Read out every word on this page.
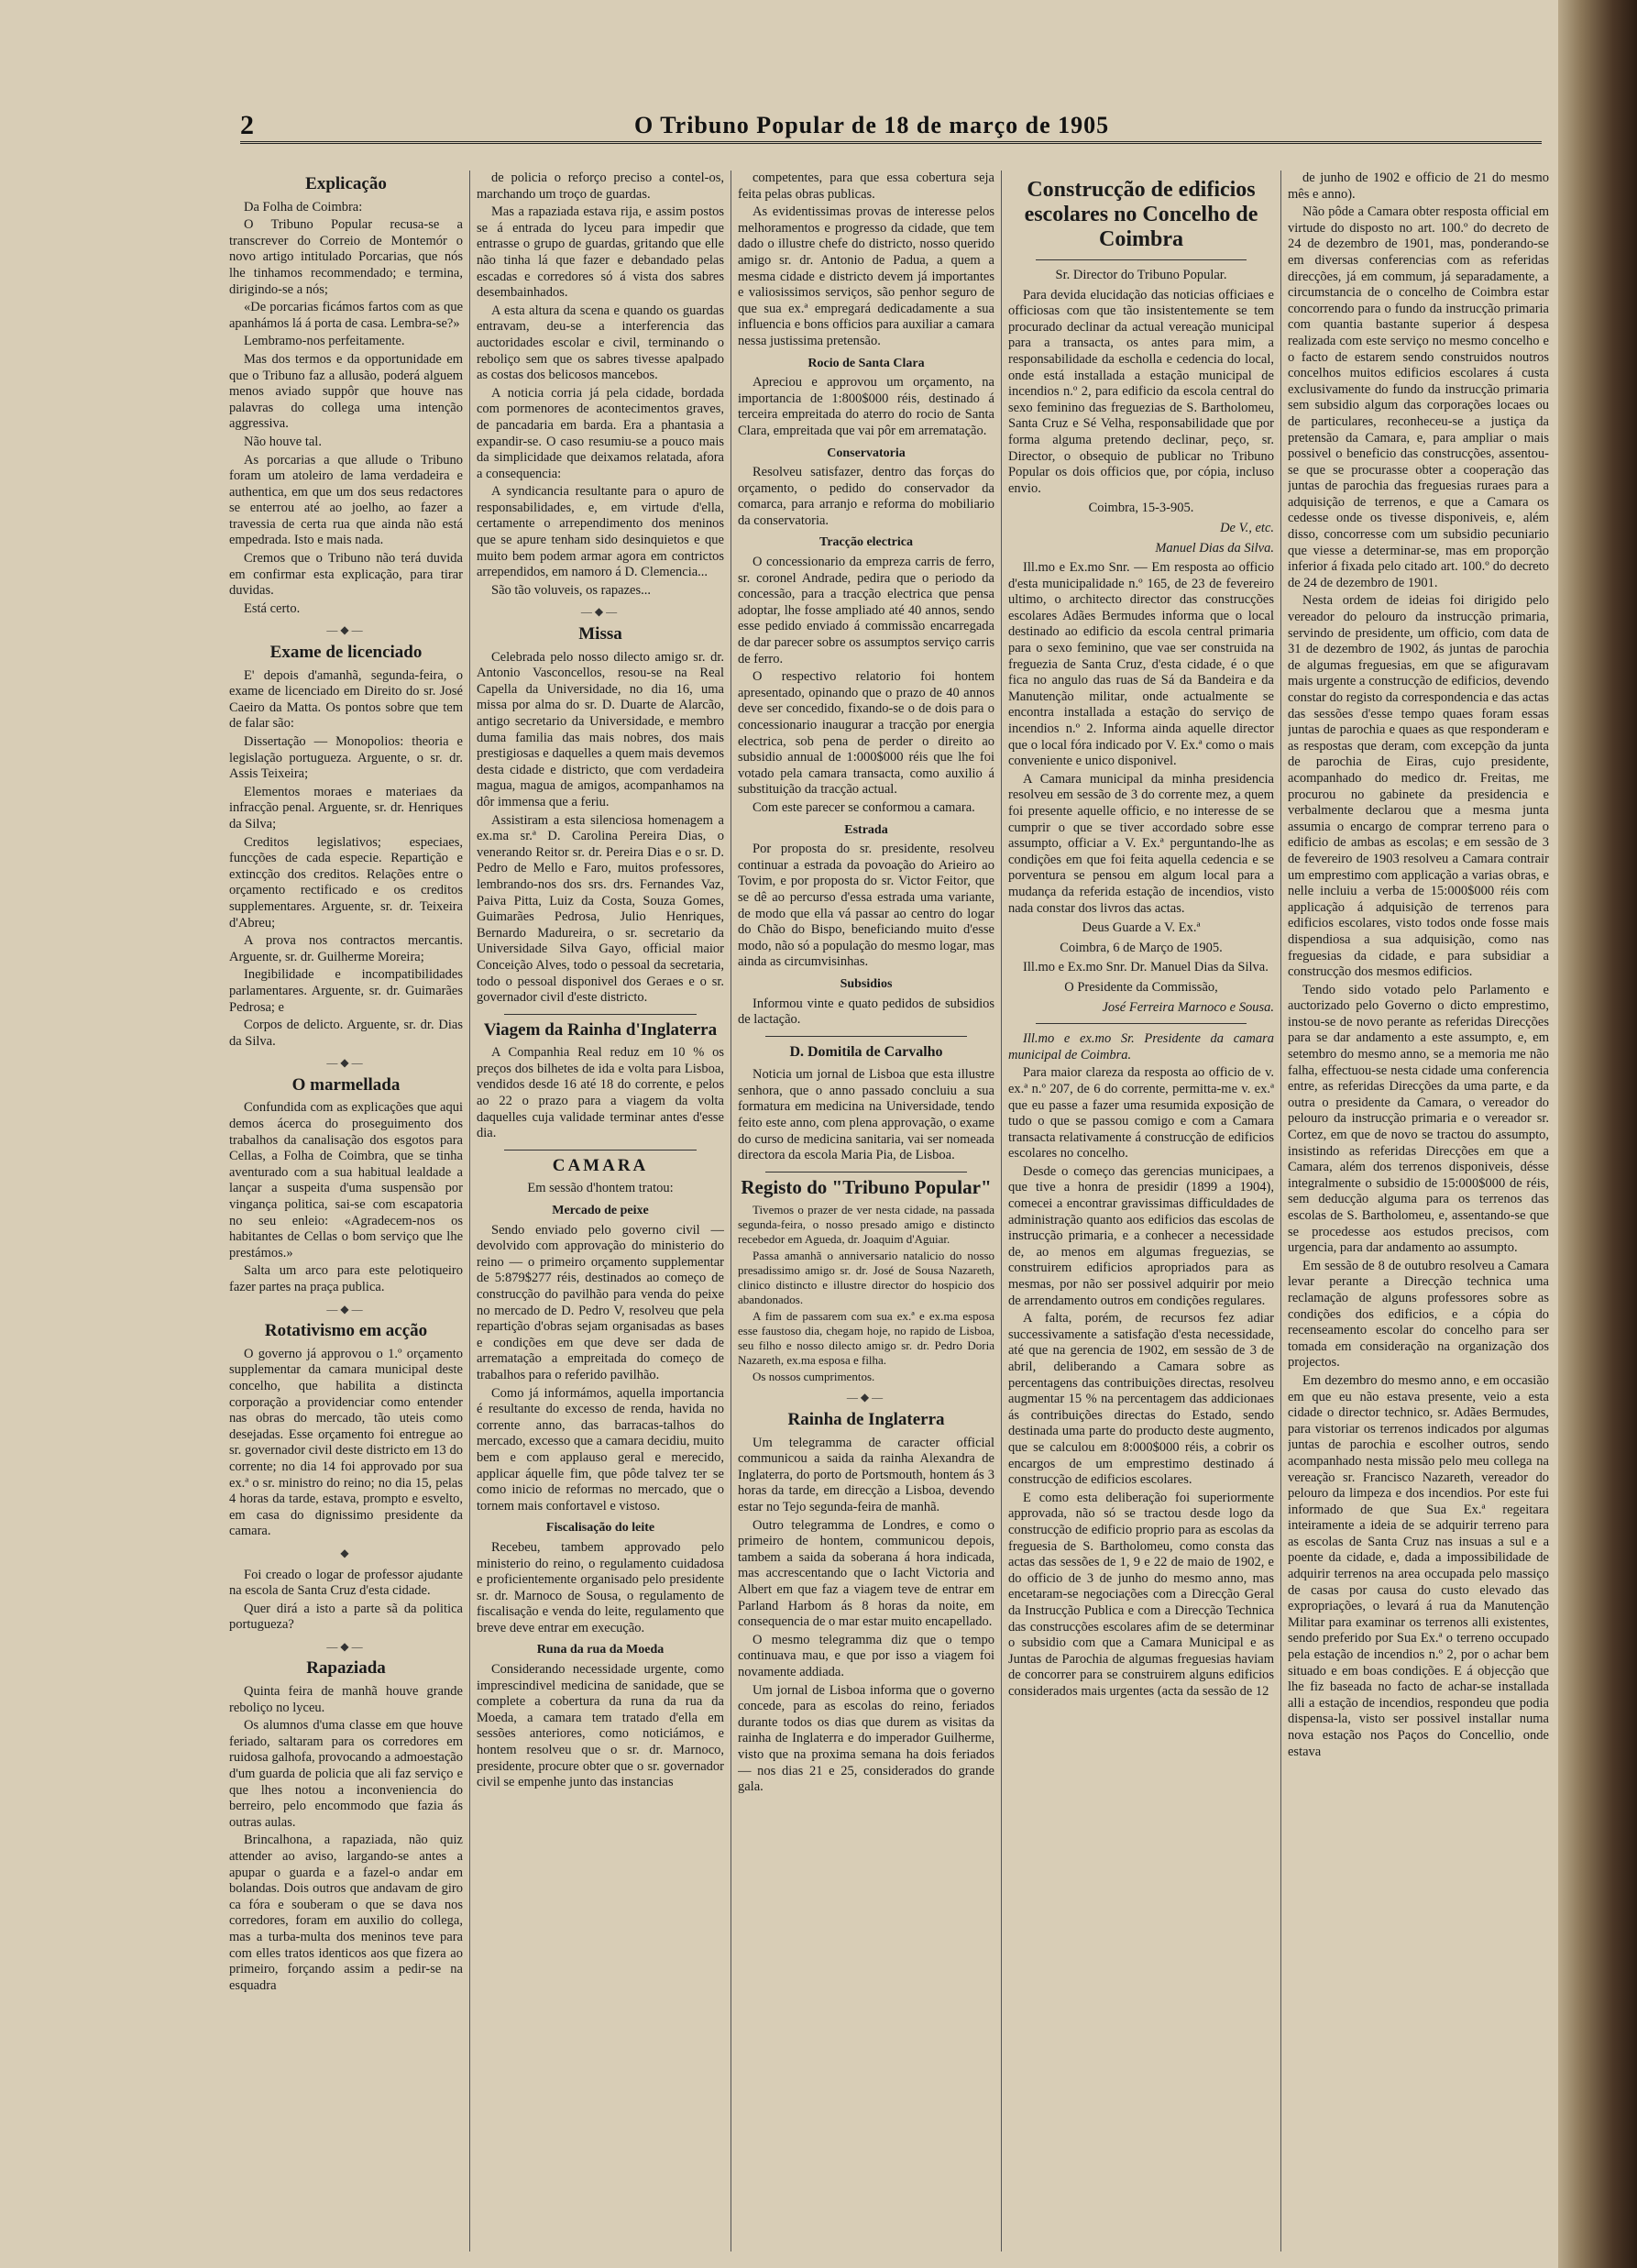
2	O Tribuno Popular de 18 de março de 1905
Explicação

Da Folha de Coimbra:

O Tribuno Popular recusa-se a transcrever do Correio de Montemór o novo artigo intitulado Porcarias, que nós lhe tinhamos recommendado; e termina, dirigindo-se a nós;

«De porcarias ficámos fartos com as que apanhámos lá á porta de casa. Lembra-se?»

Lembramo-nos perfeitamente.

Mas dos termos e da opportunidade em que o Tribuno faz a allusão, poderá alguem menos aviado suppôr que houve nas palavras do collega uma intenção aggressiva.

Não houve tal.

As porcarias a que allude o Tribuno foram um atoleiro de lama verdadeira e authentica, em que um dos seus redactores se enterrou até ao joelho, ao fazer a travessia de certa rua que ainda não está empedrada. Isto e mais nada.

Cremos que o Tribuno não terá duvida em confirmar esta explicação, para tirar duvidas.

Está certo.

—◆—
Exame de licenciado

E' depois d'amanhã, segunda-feira, o exame de licenciado em Direito do sr. José Caeiro da Matta. Os pontos sobre que tem de falar são:

Dissertação — Monopolios: theoria e legislação portugueza. Arguente, o sr. dr. Assis Teixeira;

Elementos moraes e materiaes da infracção penal. Arguente, sr. dr. Henriques da Silva;

Creditos legislativos; especiaes, funcções de cada especie. Repartição e extincção dos creditos. Relações entre o orçamento rectificado e os creditos supplementares. Arguente, sr. dr. Teixeira d'Abreu;

A prova nos contractos mercantis. Arguente, sr. dr. Guilherme Moreira;

Inegibilidade e incompatibilidades parlamentares. Arguente, sr. dr. Guimarães Pedrosa; e

Corpos de delicto. Arguente, sr. dr. Dias da Silva.

—◆—
O marmellada

Confundida com as explicações que aqui demos ácerca do proseguimento dos trabalhos da canalisação dos esgotos para Cellas, a Folha de Coimbra, que se tinha aventurado com a sua habitual lealdade a lançar a suspeita d'uma suspensão por vingança politica, sai-se com escapatoria no seu enleio: «Agradecem-nos os habitantes de Cellas o bom serviço que lhe prestámos.»

Salta um arco para este pelotiqueiro fazer partes na praça publica.

—◆—
Rotativismo em acção

O governo já approvou o 1.º orçamento supplementar da camara municipal deste concelho, que habilita a distincta corporação a providenciar como entender nas obras do mercado, tão uteis como desejadas. Esse orçamento foi entregue ao sr. governador civil deste districto em 13 do corrente; no dia 14 foi approvado por sua ex.ª o sr. ministro do reino; no dia 15, pelas 4 horas da tarde, estava, prompto e esvelto, em casa do dignissimo presidente da camara.

◆

Foi creado o logar de professor ajudante na escola de Santa Cruz d'esta cidade.

Quer dirá a isto a parte sã da politica portugueza?

—◆—
Rapaziada

Quinta feira de manhã houve grande reboliço no lyceu.

Os alumnos d'uma classe em que houve feriado, saltaram para os corredores em ruidosa galhofa, provocando a admoestação d'um guarda de policia que ali faz serviço e que lhes notou a inconveniencia do berreiro, pelo encommodo que fazia ás outras aulas.

Brincalhona, a rapaziada, não quiz attender ao aviso, largando-se antes a apupar o guarda e a fazel-o andar em bolandas. Dois outros que andavam de giro ca fóra e souberam o que se dava nos corredores, foram em auxilio do collega, mas a turba-multa dos meninos teve para com elles tratos identicos aos que fizera ao primeiro, forçando assim a pedir-se na esquadra

de policia o reforço preciso a contel-os, marchando um troço de guardas.

Mas a rapaziada estava rija, e assim postos se á entrada do lyceu para impedir que entrasse o grupo de guardas, gritando que elle não tinha lá que fazer e debandado pelas escadas e corredores só á vista dos sabres desembainhados.

A esta altura da scena e quando os guardas entravam, deu-se a interferencia das auctoridades escolar e civil, terminando o reboliço sem que os sabres tivesse apalpado as costas dos belicosos mancebos.

A noticia corria já pela cidade, bordada com pormenores de acontecimentos graves, de pancadaria em barda. Era a phantasia a expandir-se. O caso resumiu-se a pouco mais da simplicidade que deixamos relatada, afora a consequencia:

A syndicancia resultante para o apuro de responsabilidades, e, em virtude d'ella, certamente o arrependimento dos meninos que se apure tenham sido desinquietos e que muito bem podem armar agora em contrictos arrependidos, em namoro á D. Clemencia...

São tão voluveis, os rapazes...

—◆—
Missa

Celebrada pelo nosso dilecto amigo sr. dr. Antonio Vasconcellos, resou-se na Real Capella da Universidade, no dia 16, uma missa por alma do sr. D. Duarte de Alarcão, antigo secretario da Universidade, e membro duma familia das mais nobres, dos mais prestigiosas e daquelles a quem mais devemos desta cidade e districto, que com verdadeira magua, magua de amigos, acompanhamos na dôr immensa que a feriu.

Assistiram a esta silenciosa homenagem a ex.ma sr.ª D. Carolina Pereira Dias, o venerando Reitor sr. dr. Pereira Dias e o sr. D. Pedro de Mello e Faro, muitos professores, lembrando-nos dos srs. drs. Fernandes Vaz, Paiva Pitta, Luiz da Costa, Souza Gomes, Guimarães Pedrosa, Julio Henriques, Bernardo Madureira, o sr. secretario da Universidade Silva Gayo, official maior Conceição Alves, todo o pessoal da secretaria, todo o pessoal disponivel dos Geraes e o sr. governador civil d'este districto.

Viagem da Rainha d'Inglaterra

A Companhia Real reduz em 10 % os preços dos bilhetes de ida e volta para Lisboa, vendidos desde 16 até 18 do corrente, e pelos ao 22 o prazo para a viagem da volta daquelles cuja validade terminar antes d'esse dia.

CAMARA
Em sessão d'hontem tratou:
Mercado de peixe

Sendo enviado pelo governo civil — devolvido com approvação do ministerio do reino — o primeiro orçamento supplementar de 5:879$277 réis, destinados ao começo de construcção do pavilhão para venda do peixe no mercado de D. Pedro V, resolveu que pela repartição d'obras sejam organisadas as bases e condições em que deve ser dada de arrematação a empreitada do começo de trabalhos para o referido pavilhão.

Como já informámos, aquella importancia é resultante do excesso de renda, havida no corrente anno, das barracas-talhos do mercado, excesso que a camara decidiu, muito bem e com applauso geral e merecido, applicar áquelle fim, que pôde talvez ter se como inicio de reformas no mercado, que o tornem mais confortavel e vistoso.

Fiscalisação do leite

Recebeu, tambem approvado pelo ministerio do reino, o regulamento cuidadosa e proficientemente organisado pelo presidente sr. dr. Marnoco de Sousa, o regulamento de fiscalisação e venda do leite, regulamento que breve deve entrar em execução.

Runa da rua da Moeda

Considerando necessidade urgente, como imprescindivel medicina de sanidade, que se complete a cobertura da runa da rua da Moeda, a camara tem tratado d'ella em sessões anteriores, como noticiámos, e hontem resolveu que o sr. dr. Marnoco, presidente, procure obter que o sr. governador civil se empenhe junto das instancias

competentes, para que essa cobertura seja feita pelas obras publicas.

As evidentissimas provas de interesse pelos melhoramentos e progresso da cidade, que tem dado o illustre chefe do districto, nosso querido amigo sr. dr. Antonio de Padua, a quem a mesma cidade e districto devem já importantes e valiosissimos serviços, são penhor seguro de que sua ex.ª empregará dedicadamente a sua influencia e bons officios para auxiliar a camara nessa justissima pretensão.

Rocio de Santa Clara

Apreciou e approvou um orçamento, na importancia de 1:800$000 réis, destinado á terceira empreitada do aterro do rocio de Santa Clara, empreitada que vai pôr em arrematação.

Conservatoria

Resolveu satisfazer, dentro das forças do orçamento, o pedido do conservador da comarca, para arranjo e reforma do mobiliario da conservatoria.

Tracção electrica

O concessionario da empreza carris de ferro, sr. coronel Andrade, pedira que o periodo da concessão, para a tracção electrica que pensa adoptar, lhe fosse ampliado até 40 annos, sendo esse pedido enviado á commissão encarregada de dar parecer sobre os assumptos serviço carris de ferro.

O respectivo relatorio foi hontem apresentado, opinando que o prazo de 40 annos deve ser concedido, fixando-se o de dois para o concessionario inaugurar a tracção por energia electrica, sob pena de perder o direito ao subsidio annual de 1:000$000 réis que lhe foi votado pela camara transacta, como auxilio á substituição da tracção actual.

Com este parecer se conformou a camara.

Estrada

Por proposta do sr. presidente, resolveu continuar a estrada da povoação do Arieiro ao Tovim, e por proposta do sr. Victor Feitor, que se dê ao percurso d'essa estrada uma variante, de modo que ella vá passar ao centro do logar do Chão do Bispo, beneficiando muito d'esse modo, não só a população do mesmo logar, mas ainda as circumvisinhas.

Subsidios

Informou vinte e quato pedidos de subsidios de lactação.

D. Domitila de Carvalho

Noticia um jornal de Lisboa que esta illustre senhora, que o anno passado concluiu a sua formatura em medicina na Universidade, tendo feito este anno, com plena approvação, o exame do curso de medicina sanitaria, vai ser nomeada directora da escola Maria Pia, de Lisboa.

Registo do "Tribuno Popular"

Tivemos o prazer de ver nesta cidade, na passada segunda-feira, o nosso presado amigo e distincto recebedor em Agueda, dr. Joaquim d'Aguiar.

Passa amanhã o anniversario natalicio do nosso presadissimo amigo sr. dr. José de Sousa Nazareth, clinico distincto e illustre director do hospicio dos abandonados.

A fim de passarem com sua ex.ª e ex.ma esposa esse faustoso dia, chegam hoje, no rapido de Lisboa, seu filho e nosso dilecto amigo sr. dr. Pedro Doria Nazareth, ex.ma esposa e filha.

Os nossos cumprimentos.

—◆—
Rainha de Inglaterra

Um telegramma de caracter official communicou a saida da rainha Alexandra de Inglaterra, do porto de Portsmouth, hontem ás 3 horas da tarde, em direcção a Lisboa, devendo estar no Tejo segunda-feira de manhã.

Outro telegramma de Londres, e como o primeiro de hontem, communicou depois, tambem a saida da soberana á hora indicada, mas accrescentando que o Iacht Victoria and Albert em que faz a viagem teve de entrar em Parland Harbom ás 8 horas da noite, em consequencia de o mar estar muito encapellado.

O mesmo telegramma diz que o tempo continuava mau, e que por isso a viagem foi novamente addiada.

Um jornal de Lisboa informa que o governo concede, para as escolas do reino, feriados durante todos os dias que durem as visitas da rainha de Inglaterra e do imperador Guilherme, visto que na proxima semana ha dois feriados — nos dias 21 e 25, considerados do grande gala.

Construcção de edificios escolares no Concelho de Coimbra
Sr. Director do Tribuno Popular.

Para devida elucidação das noticias officiaes e officiosas com que tão insistentemente se tem procurado declinar da actual vereação municipal para a transacta, os antes para mim, a responsabilidade da escholla e cedencia do local, onde está installada a estação municipal de incendios n.º 2, para edificio da escola central do sexo feminino das freguezias de S. Bartholomeu, Santa Cruz e Sé Velha, responsabilidade que por forma alguma pretendo declinar, peço, sr. Director, o obsequio de publicar no Tribuno Popular os dois officios que, por cópia, incluso envio.

Coimbra, 15-3-905.
De V., etc.
Manuel Dias da Silva.

Ill.mo e Ex.mo Snr. — Em resposta ao officio d'esta municipalidade n.º 165, de 23 de fevereiro ultimo, o architecto director das construcções escolares Adães Bermudes informa que o local destinado ao edificio da escola central primaria para o sexo feminino, que vae ser construida na freguezia de Santa Cruz, d'esta cidade, é o que fica no angulo das ruas de Sá da Bandeira e da Manutenção militar, onde actualmente se encontra installada a estação do serviço de incendios n.º 2. Informa ainda aquelle director que o local fóra indicado por V. Ex.ª como o mais conveniente e unico disponivel.

A Camara municipal da minha presidencia resolveu em sessão de 3 do corrente mez, a quem foi presente aquelle officio, e no interesse de se cumprir o que se tiver accordado sobre esse assumpto, officiar a V. Ex.ª perguntando-lhe as condições em que foi feita aquella cedencia e se porventura se pensou em algum local para a mudança da referida estação de incendios, visto nada constar dos livros das actas.

Deus Guarde a V. Ex.ª
Coimbra, 6 de Março de 1905.

Ill.mo e Ex.mo Snr. Dr. Manuel Dias da Silva.

O Presidente da Commissão,
José Ferreira Marnoco e Sousa.

Ill.mo e ex.mo Sr. Presidente da camara municipal de Coimbra.

Para maior clareza da resposta ao officio de v. ex.ª n.º 207, de 6 do corrente, permitta-me v. ex.ª que eu passe a fazer uma resumida exposição de tudo o que se passou comigo e com a Camara transacta relativamente á construcção de edificios escolares no concelho.

Desde o começo das gerencias municipaes, a que tive a honra de presidir (1899 a 1904), comecei a encontrar gravissimas difficuldades de administração quanto aos edificios das escolas de instrucção primaria, e a conhecer a necessidade de, ao menos em algumas freguezias, se construirem edificios apropriados para as mesmas, por não ser possivel adquirir por meio de arrendamento outros em condições regulares.

A falta, porém, de recursos fez adiar successivamente a satisfação d'esta necessidade, até que na gerencia de 1902, em sessão de 3 de abril, deliberando a Camara sobre as percentagens das contribuições directas, resolveu augmentar 15 % na percentagem das addicionaes ás contribuições directas do Estado, sendo destinada uma parte do producto deste augmento, que se calculou em 8:000$000 réis, a cobrir os encargos de um emprestimo destinado á construcção de edificios escolares.

E como esta deliberação foi superiormente approvada, não só se tractou desde logo da construcção de edificio proprio para as escolas da freguesia de S. Bartholomeu, como consta das actas das sessões de 1, 9 e 22 de maio de 1902, e do officio de 3 de junho do mesmo anno, mas encetaram-se negociações com a Direcção Geral da Instrucção Publica e com a Direcção Technica das construcções escolares afim de se determinar o subsidio com que a Camara Municipal e as Juntas de Parochia de algumas freguesias haviam de concorrer para se construirem alguns edificios considerados mais urgentes (acta da sessão de 12

de junho de 1902 e officio de 21 do mesmo mês e anno).

Não pôde a Camara obter resposta official em virtude do disposto no art. 100.º do decreto de 24 de dezembro de 1901, mas, ponderando-se em diversas conferencias com as referidas direcções, já em commum, já separadamente, a circumstancia de o concelho de Coimbra estar concorrendo para o fundo da instrucção primaria com quantia bastante superior á despesa realizada com este serviço no mesmo concelho e o facto de estarem sendo construidos noutros concelhos muitos edificios escolares á custa exclusivamente do fundo da instrucção primaria sem subsidio algum das corporações locaes ou de particulares, reconheceu-se a justiça da pretensão da Camara, e, para ampliar o mais possivel o beneficio das construcções, assentou-se que se procurasse obter a cooperação das juntas de parochia das freguesias ruraes para a adquisição de terrenos, e que a Camara os cedesse onde os tivesse disponiveis, e, além disso, concorresse com um subsidio pecuniario que viesse a determinar-se, mas em proporção inferior á fixada pelo citado art. 100.º do decreto de 24 de dezembro de 1901.

Nesta ordem de ideias foi dirigido pelo vereador do pelouro da instrucção primaria, servindo de presidente, um officio, com data de 31 de dezembro de 1902, ás juntas de parochia de algumas freguesias, em que se afiguravam mais urgente a construcção de edificios, devendo constar do registo da correspondencia e das actas das sessões d'esse tempo quaes foram essas juntas de parochia e quaes as que responderam e as respostas que deram, com excepção da junta de parochia de Eiras, cujo presidente, acompanhado do medico dr. Freitas, me procurou no gabinete da presidencia e verbalmente declarou que a mesma junta assumia o encargo de comprar terreno para o edificio de ambas as escolas; e em sessão de 3 de fevereiro de 1903 resolveu a Camara contrair um emprestimo com applicação a varias obras, e nelle incluiu a verba de 15:000$000 réis com applicação á adquisição de terrenos para edificios escolares, visto todos onde fosse mais dispendiosa a sua adquisição, como nas freguesias da cidade, e para subsidiar a construcção dos mesmos edificios.

Tendo sido votado pelo Parlamento e auctorizado pelo Governo o dicto emprestimo, instou-se de novo perante as referidas Direcções para se dar andamento a este assumpto, e, em setembro do mesmo anno, se a memoria me não falha, effectuou-se nesta cidade uma conferencia entre, as referidas Direcções da uma parte, e da outra o presidente da Camara, o vereador do pelouro da instrucção primaria e o vereador sr. Cortez, em que de novo se tractou do assumpto, insistindo as referidas Direcções em que a Camara, além dos terrenos disponiveis, désse integralmente o subsidio de 15:000$000 de réis, sem deducção alguma para os terrenos das escolas de S. Bartholomeu, e, assentando-se que se procedesse aos estudos precisos, com urgencia, para dar andamento ao assumpto.

Em sessão de 8 de outubro resolveu a Camara levar perante a Direcção technica uma reclamação de alguns professores sobre as condições dos edificios, e a cópia do recenseamento escolar do concelho para ser tomada em consideração na organização dos projectos.

Em dezembro do mesmo anno, e em occasião em que eu não estava presente, veio a esta cidade o director technico, sr. Adães Bermudes, para vistoriar os terrenos indicados por algumas juntas de parochia e escolher outros, sendo acompanhado nesta missão pelo meu collega na vereação sr. Francisco Nazareth, vereador do pelouro da limpeza e dos incendios. Por este fui informado de que Sua Ex.ª regeitara inteiramente a ideia de se adquirir terreno para as escolas de Santa Cruz nas insuas a sul e a poente da cidade, e, dada a impossibilidade de adquirir terrenos na area occupada pelo massiço de casas por causa do custo elevado das expropriações, o levará á rua da Manutenção Militar para examinar os terrenos alli existentes, sendo preferido por Sua Ex.ª o terreno occupado pela estação de incendios n.º 2, por o achar bem situado e em boas condições. E á objecção que lhe fiz baseada no facto de achar-se installada alli a estação de incendios, respondeu que podia dispensa-la, visto ser possivel installar numa nova estação nos Paços do Concellio, onde estava
